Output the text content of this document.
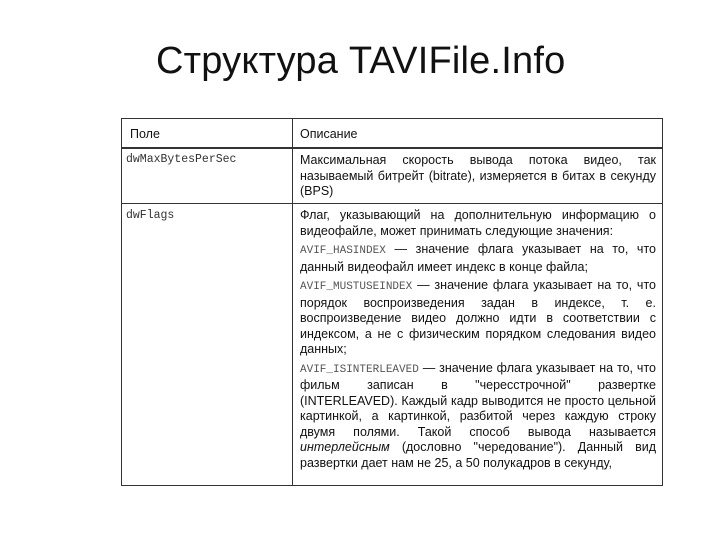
Структура TAVIFile.Info
Поле	Описание
dwMaxBytesPerSec	Максимальная скорость вывода потока видео, так называемый битрейт (bitrate), измеряется в битах в секунду (BPS)
dwFlags	Флаг, указывающий на дополнительную информацию о видеофайле, может принимать следующие значения:

AVIF_HASINDEX — значение флага указывает на то, что данный видеофайл имеет индекс в конце файла;

AVIF_MUSTUSEINDEX — значение флага указывает на то, что порядок воспроизведения задан в индексе, т. е. воспроизведение видео должно идти в соответствии с индексом, а не с физическим порядком следования видео данных;

AVIF_ISINTERLEAVED — значение флага указывает на то, что фильм записан в "чересстрочной" развертке (INTERLEAVED). Каждый кадр выводится не просто цельной картинкой, а картинкой, разбитой через каждую строку двумя полями. Такой способ вывода называется интерлейсным (дословно "чередование"). Данный вид развертки дает нам не 25, а 50 полукадров в секунду,
